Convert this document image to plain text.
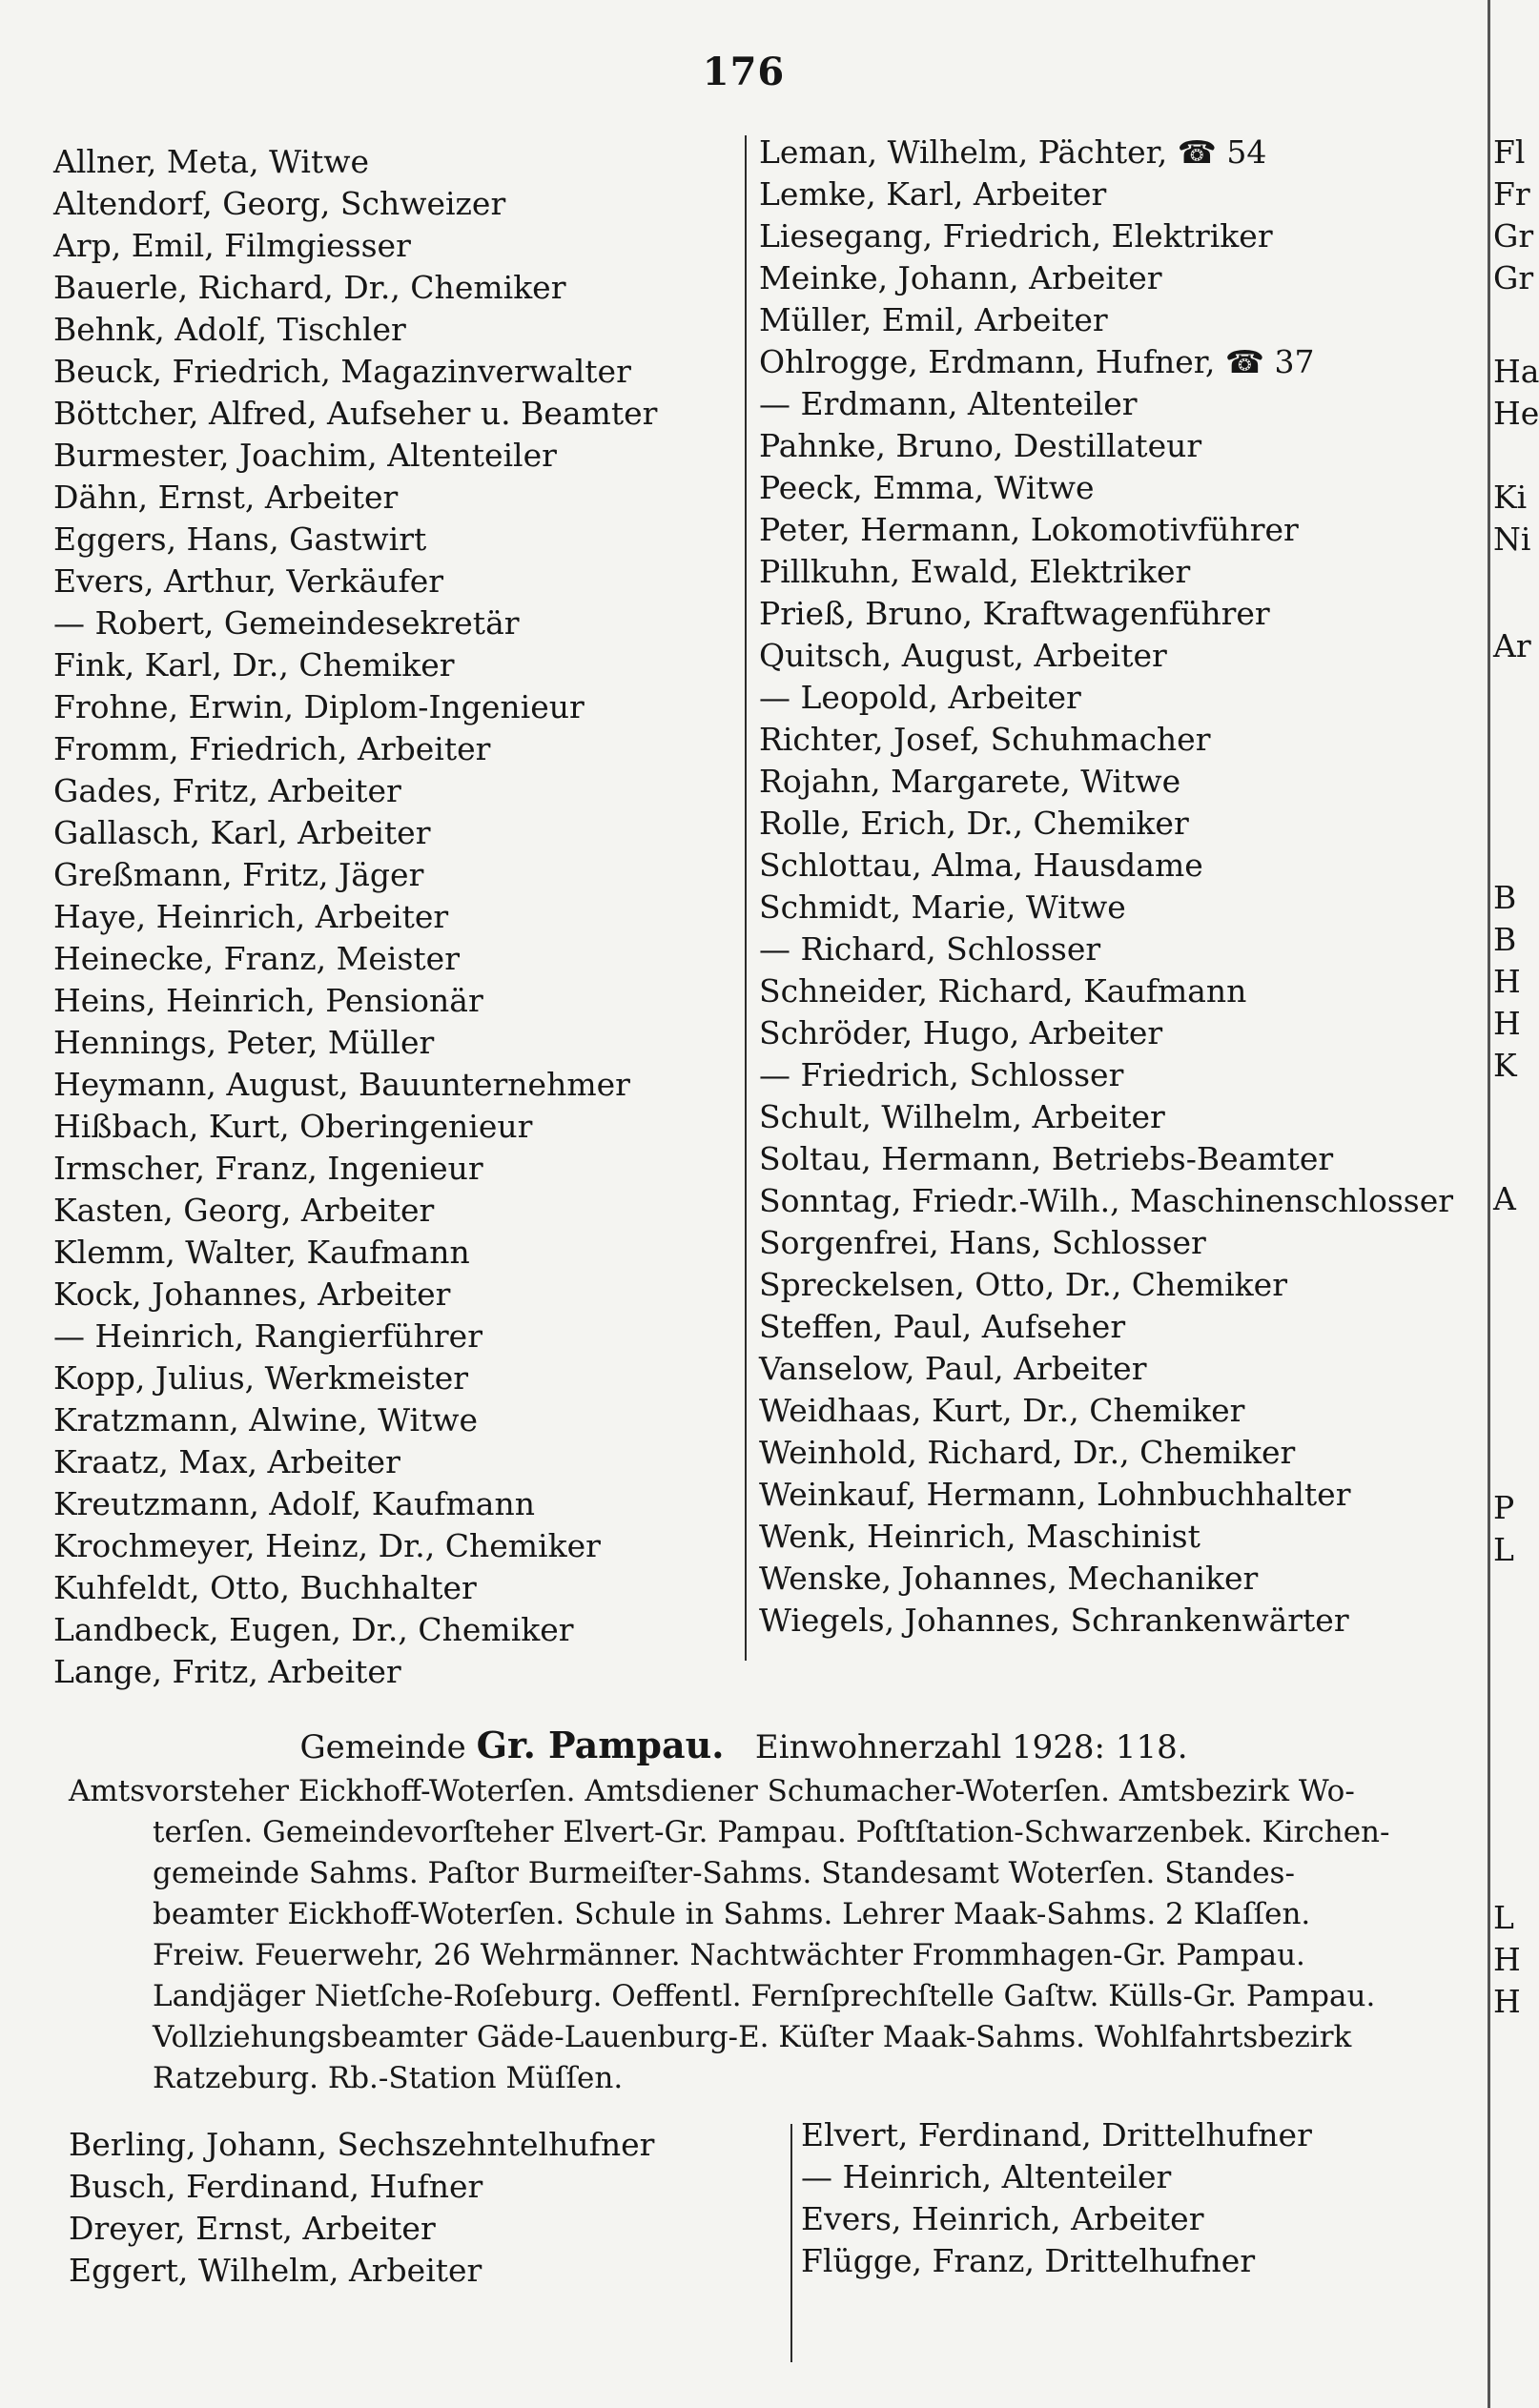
176
Allner, Meta, Witwe
Altendorf, Georg, Schweizer
Arp, Emil, Filmgiesser
Bauerle, Richard, Dr., Chemiker
Behnk, Adolf, Tischler
Beuck, Friedrich, Magazinverwalter
Böttcher, Alfred, Aufseher u. Beamter
Burmester, Joachim, Altenteiler
Dähn, Ernst, Arbeiter
Eggers, Hans, Gastwirt
Evers, Arthur, Verkäufer
— Robert, Gemeindesekretär
Fink, Karl, Dr., Chemiker
Frohne, Erwin, Diplom-Ingenieur
Fromm, Friedrich, Arbeiter
Gades, Fritz, Arbeiter
Gallasch, Karl, Arbeiter
Greßmann, Fritz, Jäger
Haye, Heinrich, Arbeiter
Heinecke, Franz, Meister
Heins, Heinrich, Pensionär
Hennings, Peter, Müller
Heymann, August, Bauunternehmer
Hißbach, Kurt, Oberingenieur
Irmscher, Franz, Ingenieur
Kasten, Georg, Arbeiter
Klemm, Walter, Kaufmann
Kock, Johannes, Arbeiter
— Heinrich, Rangierführer
Kopp, Julius, Werkmeister
Kratzmann, Alwine, Witwe
Kraatz, Max, Arbeiter
Kreutzmann, Adolf, Kaufmann
Krochmeyer, Heinz, Dr., Chemiker
Kuhfeldt, Otto, Buchhalter
Landbeck, Eugen, Dr., Chemiker
Lange, Fritz, Arbeiter
Leman, Wilhelm, Pächter, ☎ 54
Lemke, Karl, Arbeiter
Liesegang, Friedrich, Elektriker
Meinke, Johann, Arbeiter
Müller, Emil, Arbeiter
Ohlrogge, Erdmann, Hufner, ☎ 37
— Erdmann, Altenteiler
Pahnke, Bruno, Destillateur
Peeck, Emma, Witwe
Peter, Hermann, Lokomotivführer
Pillkuhn, Ewald, Elektriker
Prieß, Bruno, Kraftwagenführer
Quitsch, August, Arbeiter
— Leopold, Arbeiter
Richter, Josef, Schuhmacher
Rojahn, Margarete, Witwe
Rolle, Erich, Dr., Chemiker
Schlottau, Alma, Hausdame
Schmidt, Marie, Witwe
— Richard, Schlosser
Schneider, Richard, Kaufmann
Schröder, Hugo, Arbeiter
— Friedrich, Schlosser
Schult, Wilhelm, Arbeiter
Soltau, Hermann, Betriebs-Beamter
Sonntag, Friedr.-Wilh., Maschinenschlosser
Sorgenfrei, Hans, Schlosser
Spreckelsen, Otto, Dr., Chemiker
Steffen, Paul, Aufseher
Vanselow, Paul, Arbeiter
Weidhaas, Kurt, Dr., Chemiker
Weinhold, Richard, Dr., Chemiker
Weinkauf, Hermann, Lohnbuchhalter
Wenk, Heinrich, Maschinist
Wenske, Johannes, Mechaniker
Wiegels, Johannes, Schrankenwärter
Fl
Fr
Gr
Gr
Ha
He
Ki
Ni
Ar
B
B
H
H
K
A
P
L
L
H
H
Gemeinde Gr. Pampau. Einwohnerzahl 1928: 118.
Amtsvorsteher Eickhoff-Woterſen. Amtsdiener Schumacher-Woterſen. Amtsbezirk Wo-
terſen. Gemeindevorſteher Elvert-Gr. Pampau. Poſtſtation-Schwarzenbek. Kirchen-
gemeinde Sahms. Paſtor Burmeiſter-Sahms. Standesamt Woterſen. Standes-
beamter Eickhoff-Woterſen. Schule in Sahms. Lehrer Maak-Sahms. 2 Klaſſen.
Freiw. Feuerwehr, 26 Wehrmänner. Nachtwächter Frommhagen-Gr. Pampau.
Landjäger Nietſche-Roſeburg. Oeffentl. Fernſprechſtelle Gaſtw. Külls-Gr. Pampau.
Vollziehungsbeamter Gäde-Lauenburg-E. Küſter Maak-Sahms. Wohlfahrtsbezirk
Ratzeburg. Rb.-Station Müſſen.
Berling, Johann, Sechszehntelhufner
Busch, Ferdinand, Hufner
Dreyer, Ernst, Arbeiter
Eggert, Wilhelm, Arbeiter
Elvert, Ferdinand, Drittelhufner
— Heinrich, Altenteiler
Evers, Heinrich, Arbeiter
Flügge, Franz, Drittelhufner
